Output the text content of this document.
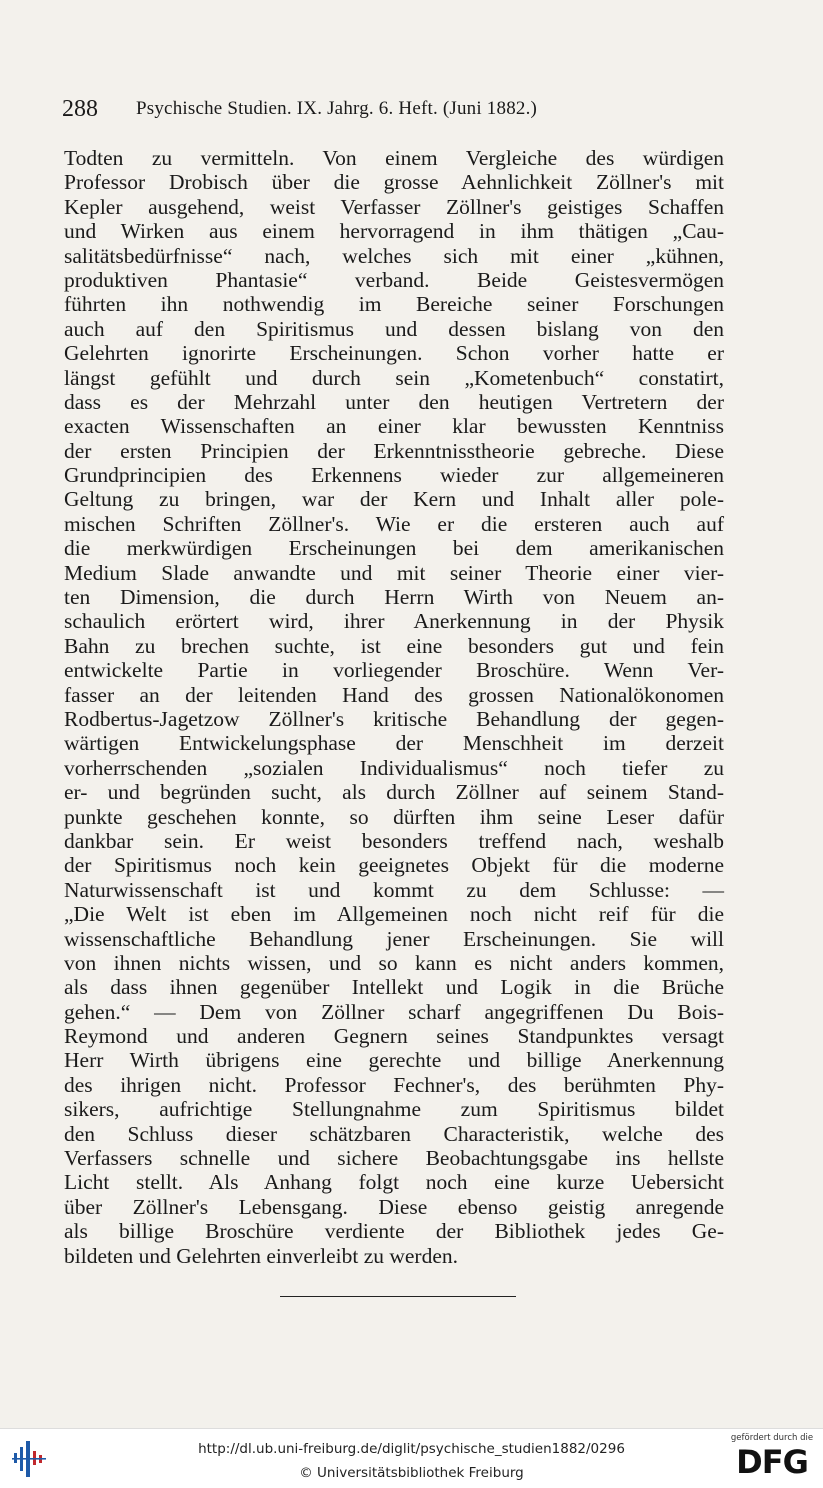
288 Psychische Studien. IX. Jahrg. 6. Heft. (Juni 1882.)
Todten zu vermitteln. Von einem Vergleiche des würdigen
Professor Drobisch über die grosse Aehnlichkeit Zöllner's mit
Kepler ausgehend, weist Verfasser Zöllner's geistiges Schaffen
und Wirken aus einem hervorragend in ihm thätigen „Cau-
salitätsbedürfnisse“ nach, welches sich mit einer „kühnen,
produktiven Phantasie“ verband. Beide Geistesvermögen
führten ihn nothwendig im Bereiche seiner Forschungen
auch auf den Spiritismus und dessen bislang von den
Gelehrten ignorirte Erscheinungen. Schon vorher hatte er
längst gefühlt und durch sein „Kometenbuch“ constatirt,
dass es der Mehrzahl unter den heutigen Vertretern der
exacten Wissenschaften an einer klar bewussten Kenntniss
der ersten Principien der Erkenntnisstheorie gebreche. Diese
Grundprincipien des Erkennens wieder zur allgemeineren
Geltung zu bringen, war der Kern und Inhalt aller pole-
mischen Schriften Zöllner's. Wie er die ersteren auch auf
die merkwürdigen Erscheinungen bei dem amerikanischen
Medium Slade anwandte und mit seiner Theorie einer vier-
ten Dimension, die durch Herrn Wirth von Neuem an-
schaulich erörtert wird, ihrer Anerkennung in der Physik
Bahn zu brechen suchte, ist eine besonders gut und fein
entwickelte Partie in vorliegender Broschüre. Wenn Ver-
fasser an der leitenden Hand des grossen Nationalökonomen
Rodbertus-Jagetzow Zöllner's kritische Behandlung der gegen-
wärtigen Entwickelungsphase der Menschheit im derzeit
vorherrschenden „sozialen Individualismus“ noch tiefer zu
er- und begründen sucht, als durch Zöllner auf seinem Stand-
punkte geschehen konnte, so dürften ihm seine Leser dafür
dankbar sein. Er weist besonders treffend nach, weshalb
der Spiritismus noch kein geeignetes Objekt für die moderne
Naturwissenschaft ist und kommt zu dem Schlusse: —
„Die Welt ist eben im Allgemeinen noch nicht reif für die
wissenschaftliche Behandlung jener Erscheinungen. Sie will
von ihnen nichts wissen, und so kann es nicht anders kommen,
als dass ihnen gegenüber Intellekt und Logik in die Brüche
gehen.“ — Dem von Zöllner scharf angegriffenen Du Bois-
Reymond und anderen Gegnern seines Standpunktes versagt
Herr Wirth übrigens eine gerechte und billige Anerkennung
des ihrigen nicht. Professor Fechner's, des berühmten Phy-
sikers, aufrichtige Stellungnahme zum Spiritismus bildet
den Schluss dieser schätzbaren Characteristik, welche des
Verfassers schnelle und sichere Beobachtungsgabe ins hellste
Licht stellt. Als Anhang folgt noch eine kurze Uebersicht
über Zöllner's Lebensgang. Diese ebenso geistig anregende
als billige Broschüre verdiente der Bibliothek jedes Ge-
bildeten und Gelehrten einverleibt zu werden.
http://dl.ub.uni-freiburg.de/diglit/psychische_studien1882/0296
© Universitätsbibliothek Freiburg
gefördert durch die
DFG
